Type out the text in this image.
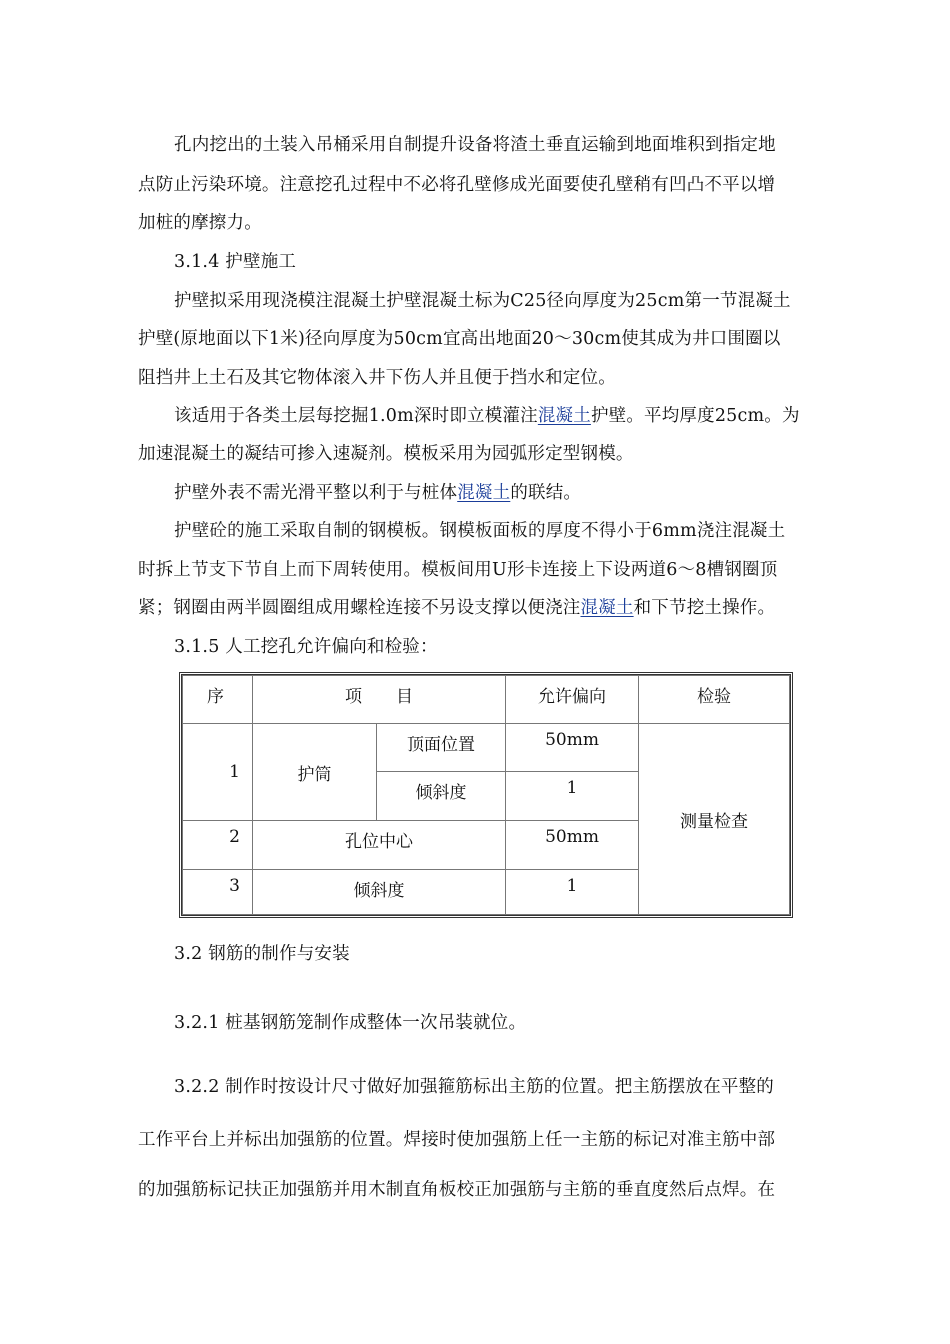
孔内挖出的土装入吊桶采用自制提升设备将渣土垂直运输到地面堆积到指定地
点防止污染环境。注意挖孔过程中不必将孔壁修成光面要使孔壁稍有凹凸不平以增
加桩的摩擦力。
3.1.4 护壁施工
护壁拟采用现浇模注混凝土护壁混凝土标为C25径向厚度为25cm第一节混凝土
护壁(原地面以下1米)径向厚度为50cm宜高出地面20～30cm使其成为井口围圈以
阻挡井上土石及其它物体滚入井下伤人并且便于挡水和定位。
该适用于各类土层每挖掘1.0m深时即立模灌注混凝土护壁。平均厚度25cm。为
加速混凝土的凝结可掺入速凝剂。模板采用为园弧形定型钢模。
护壁外表不需光滑平整以利于与桩体混凝土的联结。
护壁砼的施工采取自制的钢模板。钢模板面板的厚度不得小于6mm浇注混凝土
时拆上节支下节自上而下周转使用。模板间用U形卡连接上下设两道6～8槽钢圈顶
紧；钢圈由两半圆圈组成用螺栓连接不另设支撑以便浇注混凝土和下节挖土操作。
3.1.5 人工挖孔允许偏向和检验：
序	项　　目		允许偏向	检验
1	护筒	顶面位置	50mm	测量检查
		倾斜度	1	
2	孔位中心		50mm	
3	倾斜度		1	
3.2 钢筋的制作与安装
3.2.1 桩基钢筋笼制作成整体一次吊装就位。
3.2.2 制作时按设计尺寸做好加强箍筋标出主筋的位置。把主筋摆放在平整的
工作平台上并标出加强筋的位置。焊接时使加强筋上任一主筋的标记对准主筋中部
的加强筋标记扶正加强筋并用木制直角板校正加强筋与主筋的垂直度然后点焊。在
